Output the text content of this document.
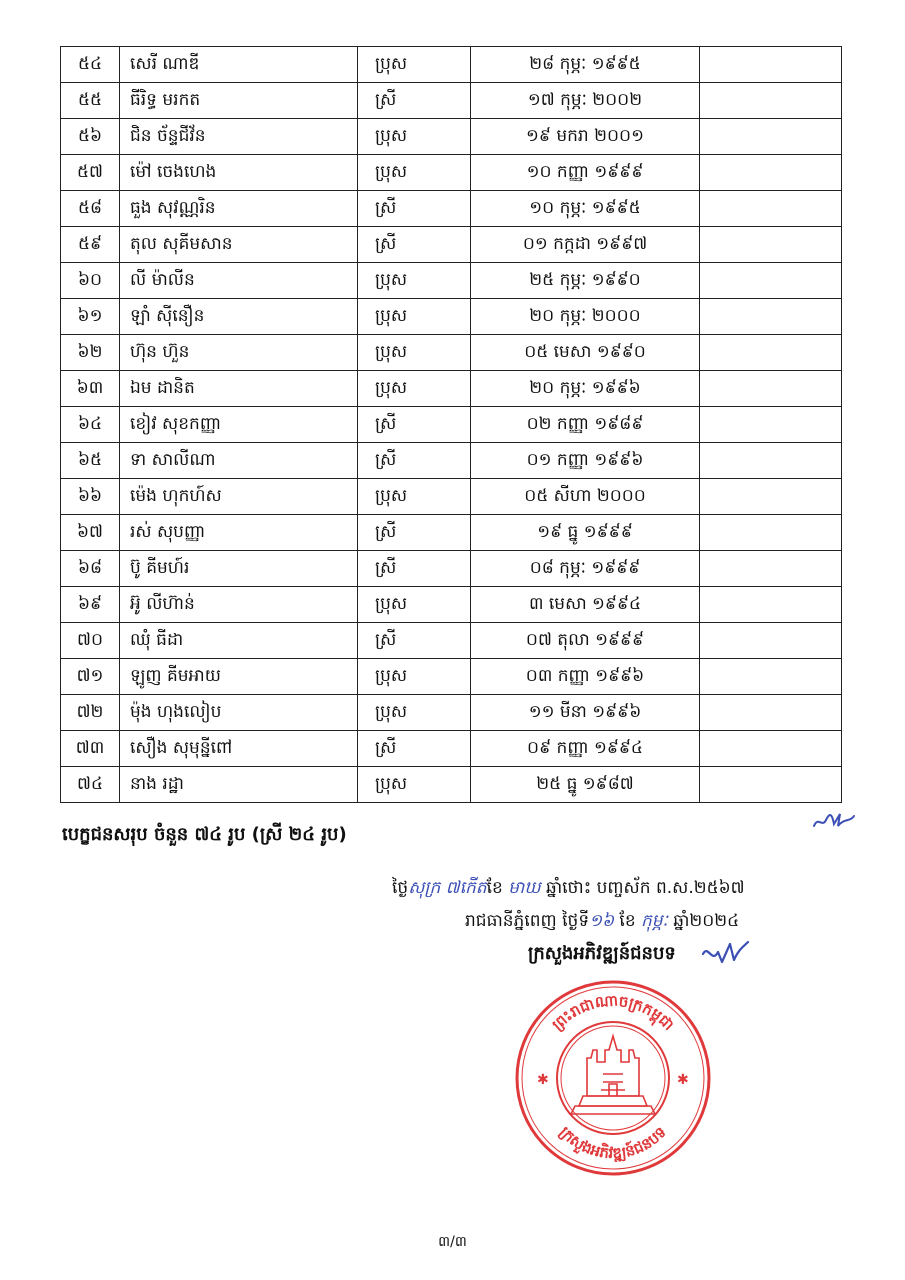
៥៤	សេរី ណាឌី	ប្រុស	២៨ កុម្ភៈ ១៩៩៥	
៥៥	ធីរិទ្ធ មរកត	ស្រី	១៧ កុម្ភៈ ២០០២	
៥៦	ជិន ច័ន្ទជីវ័ន	ប្រុស	១៩ មករា ២០០១	
៥៧	ម៉ៅ ចេងហេង	ប្រុស	១០ កញ្ញា ១៩៩៩	
៥៨	ធួង សុវណ្ណរិន	ស្រី	១០ កុម្ភៈ ១៩៩៥	
៥៩	តុល សុគីមសាន	ស្រី	០១ កក្កដា ១៩៩៧	
៦០	លី ម៉ាលីន	ប្រុស	២៥ កុម្ភៈ ១៩៩០	
៦១	ឡាំ ស៊ីនឿន	ប្រុស	២០ កុម្ភៈ ២០០០	
៦២	ហ៊ុន ហ៊ួន	ប្រុស	០៥ មេសា ១៩៩០	
៦៣	ឯម ដានិត	ប្រុស	២០ កុម្ភៈ ១៩៩៦	
៦៤	ខៀវ សុខកញ្ញា	ស្រី	០២ កញ្ញា ១៩៨៩	
៦៥	ទា សាលីណា	ស្រី	០១ កញ្ញា ១៩៩៦	
៦៦	ម៉េង ហុកហ៍ស	ប្រុស	០៥ សីហា ២០០០	
៦៧	រស់ សុបញ្ញា	ស្រី	១៩ ធ្នូ ១៩៩៩	
៦៨	ប៊ូ គីមហ៍រ	ស្រី	០៨ កុម្ភៈ ១៩៩៩	
៦៩	អ៊ូ លីហ៊ាន់	ប្រុស	៣ មេសា ១៩៩៤	
៧០	ឈុំ ធីដា	ស្រី	០៧ តុលា ១៩៩៩	
៧១	ឡូញ គីមអាយ	ប្រុស	០៣ កញ្ញា ១៩៩៦	
៧២	ម៉ុង ហុងលៀប	ប្រុស	១១ មីនា ១៩៩៦	
៧៣	សឿង សុមុន្នីពៅ	ស្រី	០៩ កញ្ញា ១៩៩៤	
៧៤	នាង រដ្ឋា	ប្រុស	២៥ ធ្នូ ១៩៨៧	
បេក្ខជនសរុប ចំនួន ៧៤ រូប (ស្រី ២៤ រូប)
ថ្ងៃសុក្រ ៧កើតខែ មាឃ ឆ្នាំថោះ បញ្ចស័ក ព.ស.២៥៦៧
រាជធានីភ្នំពេញ ថ្ងៃទី១៦ ខែ កុម្ភៈ ឆ្នាំ២០២៤
ក្រសួងអភិវឌ្ឍន៍ជនបទ
ព្រះរាជាណាចក្រកម្ពុជា
ក្រសួងអភិវឌ្ឍន៍ជនបទ
✱	✱
៣/៣
